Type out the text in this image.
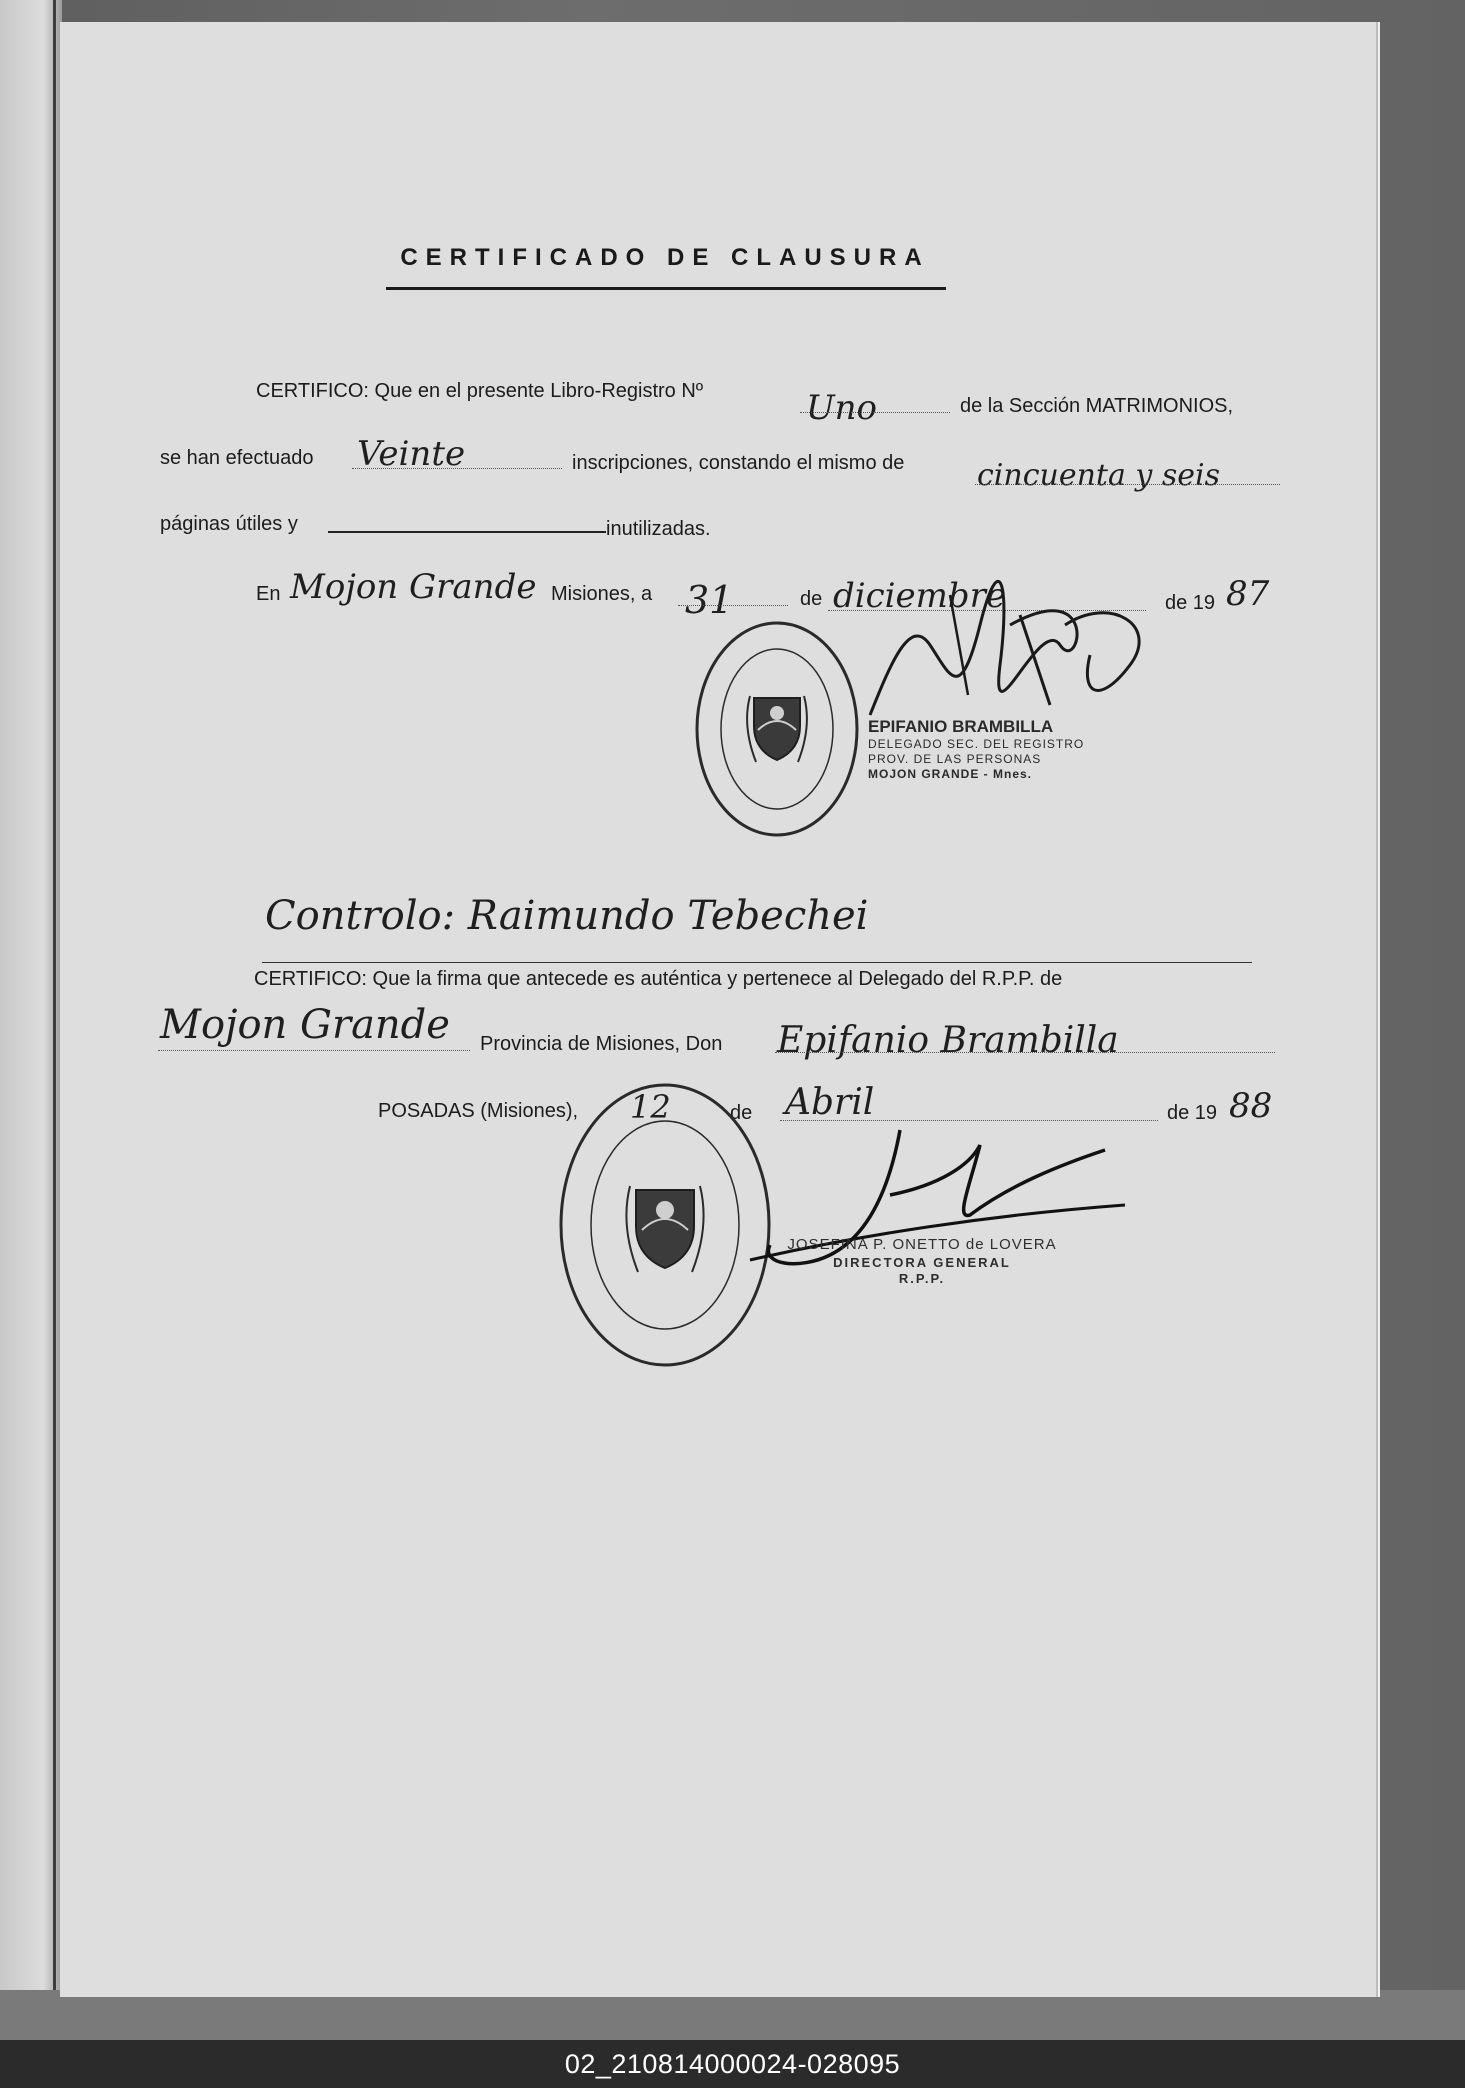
CERTIFICADO DE CLAUSURA
CERTIFICO: Que en el presente Libro-Registro Nº	Uno	de la Sección MATRIMONIOS,
se han efectuado Veinte	inscripciones, constando el mismo de cincuenta y seis
páginas útiles y	inutilizadas.
En Mojon Grande Misiones, a 31	de diciembre	de 19 87
EPIFANIO BRAMBILLA
DELEGADO SEC. DEL REGISTRO
PROV. DE LAS PERSONAS
MOJON GRANDE - Mnes.
Controlo: Raimundo Tebechei
CERTIFICO: Que la firma que antecede es auténtica y pertenece al Delegado del R.P.P. de
Mojon Grande Provincia de Misiones, Don Epifanio Brambilla
POSADAS (Misiones), 12	de Abril	de 19 88
JOSEFINA P. ONETTO de LOVERA
DIRECTORA GENERAL
R.P.P.
02_210814000024-028095
